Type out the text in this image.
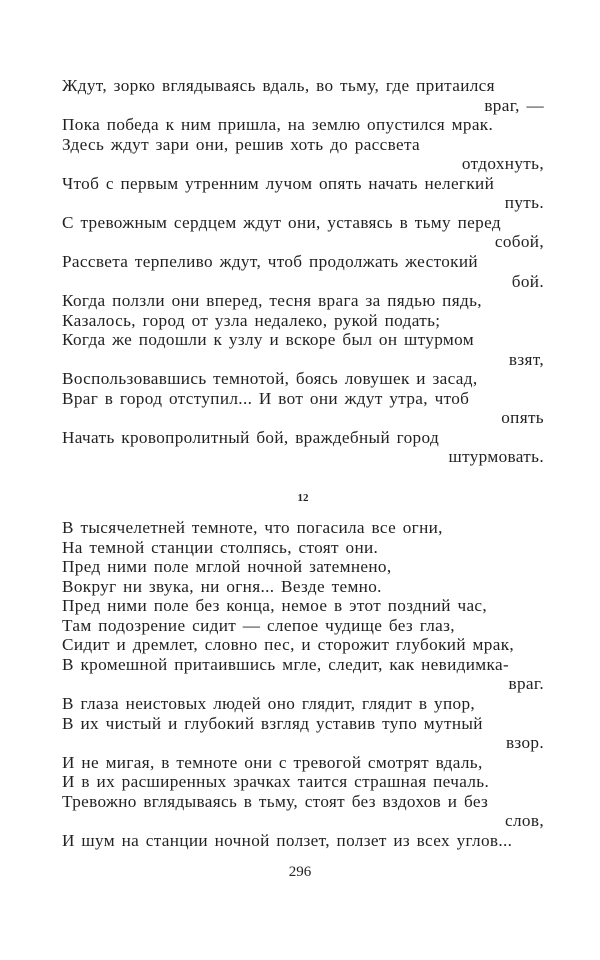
Ждут, зорко вглядываясь вдаль, во тьму, где притаился
враг, —
Пока победа к ним пришла, на землю опустился мрак.
Здесь ждут зари они, решив хоть до рассвета
отдохнуть,
Чтоб с первым утренним лучом опять начать нелегкий
путь.
С тревожным сердцем ждут они, уставясь в тьму перед
собой,
Рассвета терпеливо ждут, чтоб продолжать жестокий
бой.
Когда ползли они вперед, тесня врага за пядью пядь,
Казалось, город от узла недалеко, рукой подать;
Когда же подошли к узлу и вскоре был он штурмом
взят,
Воспользовавшись темнотой, боясь ловушек и засад,
Враг в город отступил... И вот они ждут утра, чтоб
опять
Начать кровопролитный бой, враждебный город
штурмовать.
12
В тысячелетней темноте, что погасила все огни,
На темной станции столпясь, стоят они.
Пред ними поле мглой ночной затемнено,
Вокруг ни звука, ни огня... Везде темно.
Пред ними поле без конца, немое в этот поздний час,
Там подозрение сидит — слепое чудище без глаз,
Сидит и дремлет, словно пес, и сторожит глубокий мрак,
В кромешной притаившись мгле, следит, как невидимка-
враг.
В глаза неистовых людей оно глядит, глядит в упор,
В их чистый и глубокий взгляд уставив тупо мутный
взор.
И не мигая, в темноте они с тревогой смотрят вдаль,
И в их расширенных зрачках таится страшная печаль.
Тревожно вглядываясь в тьму, стоят без вздохов и без
слов,
И шум на станции ночной ползет, ползет из всех углов...
296
